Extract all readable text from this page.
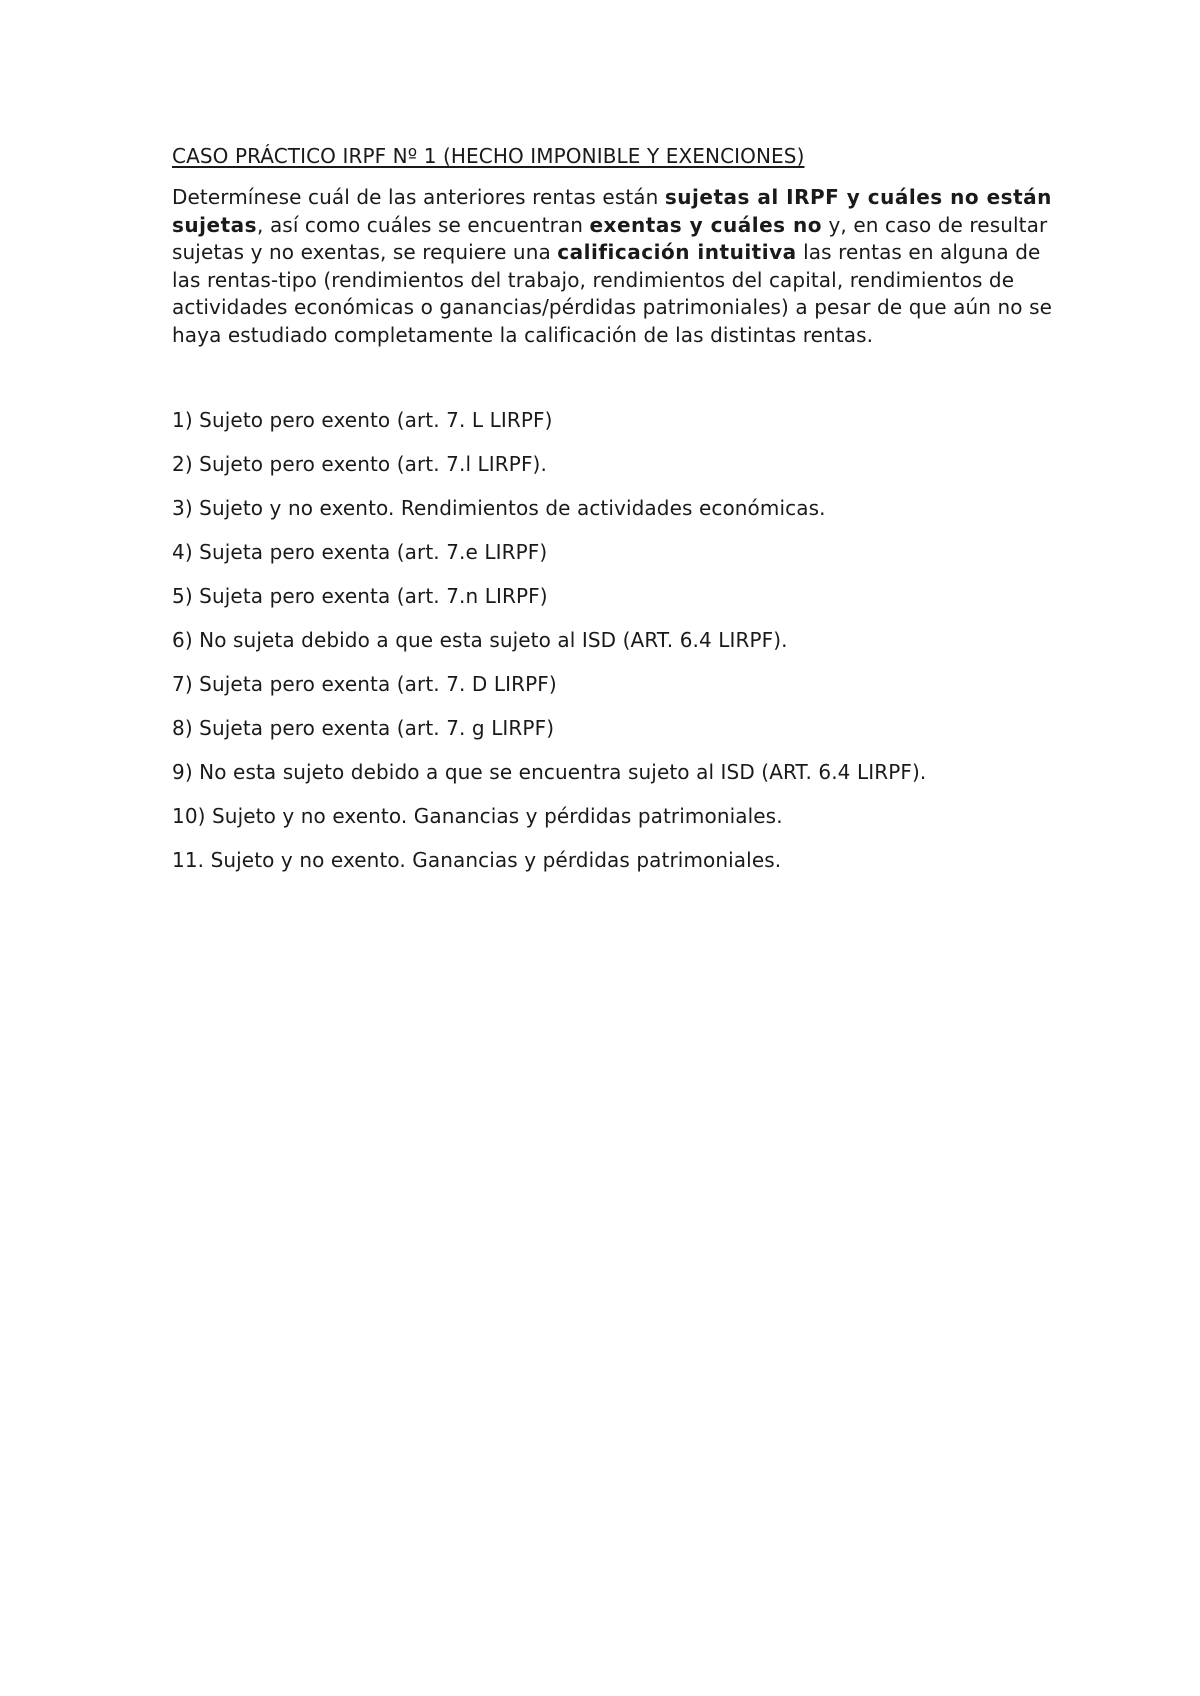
CASO PRÁCTICO IRPF Nº 1 (HECHO IMPONIBLE Y EXENCIONES)

Determínese cuál de las anteriores rentas están sujetas al IRPF y cuáles no están sujetas, así como cuáles se encuentran exentas y cuáles no y, en caso de resultar sujetas y no exentas, se requiere una calificación intuitiva las rentas en alguna de las rentas-tipo (rendimientos del trabajo, rendimientos del capital, rendimientos de actividades económicas o ganancias/pérdidas patrimoniales) a pesar de que aún no se haya estudiado completamente la calificación de las distintas rentas.

1) Sujeto pero exento (art. 7. L LIRPF)
2) Sujeto pero exento (art. 7.l LIRPF).
3) Sujeto y no exento. Rendimientos de actividades económicas.
4) Sujeta pero exenta (art. 7.e LIRPF)
5) Sujeta pero exenta (art. 7.n LIRPF)
6) No sujeta debido a que esta sujeto al ISD (ART. 6.4 LIRPF).
7) Sujeta pero exenta (art. 7. D LIRPF)
8) Sujeta pero exenta (art. 7. g LIRPF)
9) No esta sujeto debido a que se encuentra sujeto al ISD (ART. 6.4 LIRPF).
10) Sujeto y no exento. Ganancias y pérdidas patrimoniales.
11. Sujeto y no exento. Ganancias y pérdidas patrimoniales.
